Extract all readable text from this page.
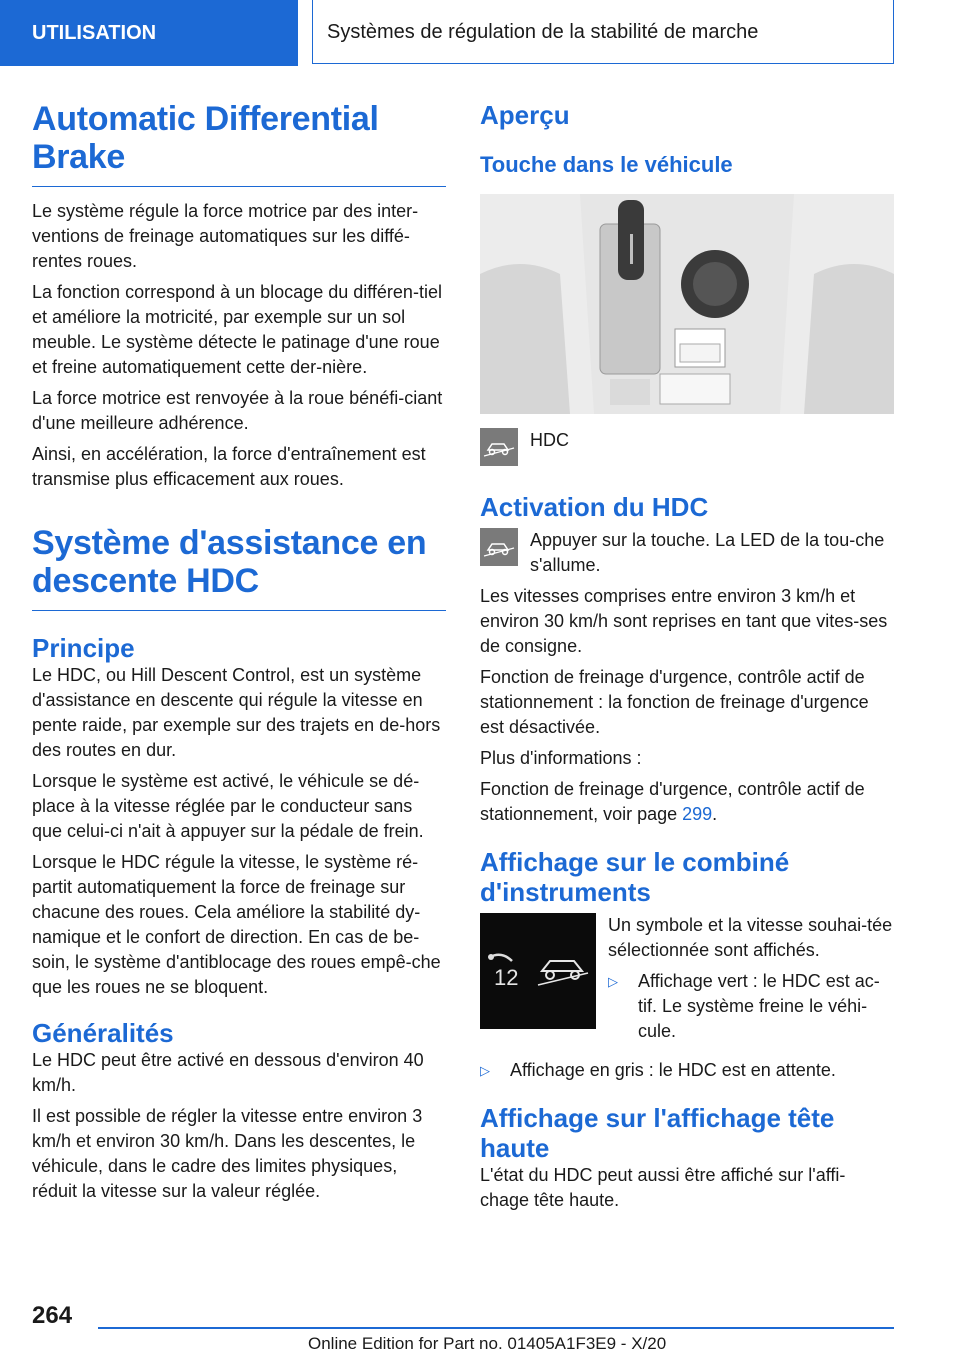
UTILISATION	Systèmes de régulation de la stabilité de marche
Automatic Differential Brake

Le système régule la force motrice par des inter-ventions de freinage automatiques sur les diffé-rentes roues.

La fonction correspond à un blocage du différen-tiel et améliore la motricité, par exemple sur un sol meuble. Le système détecte le patinage d'une roue et freine automatiquement cette der-nière.

La force motrice est renvoyée à la roue bénéfi-ciant d'une meilleure adhérence.

Ainsi, en accélération, la force d'entraînement est transmise plus efficacement aux roues.

Système d'assistance en descente HDC
Principe

Le HDC, ou Hill Descent Control, est un système d'assistance en descente qui régule la vitesse en pente raide, par exemple sur des trajets en de-hors des routes en dur.

Lorsque le système est activé, le véhicule se dé-place à la vitesse réglée par le conducteur sans que celui-ci n'ait à appuyer sur la pédale de frein.

Lorsque le HDC régule la vitesse, le système ré-partit automatiquement la force de freinage sur chacune des roues. Cela améliore la stabilité dy-namique et le confort de direction. En cas de be-soin, le système d'antiblocage des roues empê-che que les roues ne se bloquent.

Généralités

Le HDC peut être activé en dessous d'environ 40 km/h.

Il est possible de régler la vitesse entre environ 3 km/h et environ 30 km/h. Dans les descentes, le véhicule, dans le cadre des limites physiques, réduit la vitesse sur la valeur réglée.

Aperçu
Touche dans le véhicule
HDC
Activation du HDC

Appuyer sur la touche. La LED de la tou-che s'allume.

Les vitesses comprises entre environ 3 km/h et environ 30 km/h sont reprises en tant que vites-ses de consigne.

Fonction de freinage d'urgence, contrôle actif de stationnement : la fonction de freinage d'urgence est désactivée.

Plus d'informations :

Fonction de freinage d'urgence, contrôle actif de stationnement, voir page 299.

Affichage sur le combiné d'instruments
12

Un symbole et la vitesse souhai-tée sélectionnée sont affichés.

▷	Affichage vert : le HDC est ac-tif. Le système freine le véhi-cule.
▷	Affichage en gris : le HDC est en attente.
Affichage sur l'affichage tête haute

L'état du HDC peut aussi être affiché sur l'affi-chage tête haute.

264
Online Edition for Part no. 01405A1F3E9 - X/20
